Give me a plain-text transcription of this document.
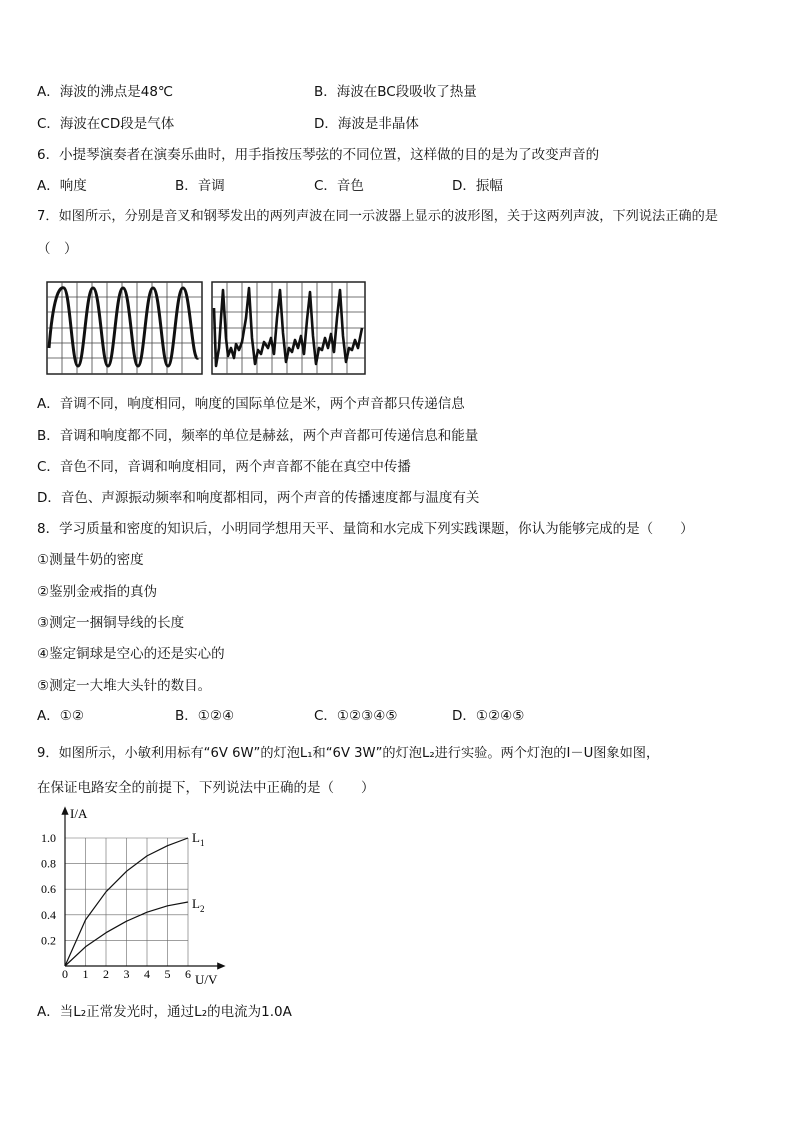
A．海波的沸点是48℃	B．海波在BC段吸收了热量
C．海波在CD段是气体	D．海波是非晶体
6．小提琴演奏者在演奏乐曲时，用手指按压琴弦的不同位置，这样做的目的是为了改变声音的
A．响度	B．音调	C．音色	D．振幅
7．如图所示，分别是音叉和钢琴发出的两列声波在同一示波器上显示的波形图，关于这两列声波，下列说法正确的是
（　）
A．音调不同，响度相同，响度的国际单位是米，两个声音都只传递信息
B．音调和响度都不同，频率的单位是赫兹，两个声音都可传递信息和能量
C．音色不同，音调和响度相同，两个声音都不能在真空中传播
D．音色、声源振动频率和响度都相同，两个声音的传播速度都与温度有关
8．学习质量和密度的知识后，小明同学想用天平、量筒和水完成下列实践课题，你认为能够完成的是（　　）
①测量牛奶的密度
②鉴别金戒指的真伪
③测定一捆铜导线的长度
④鉴定铜球是空心的还是实心的
⑤测定一大堆大头针的数目。
A．①②	B．①②④	C．①②③④⑤	D．①②④⑤
9．如图所示，小敏利用标有“6V 6W”的灯泡L₁和“6V 3W”的灯泡L₂进行实验。两个灯泡的I－U图象如图，
在保证电路安全的前提下，下列说法中正确的是（　　）
I/A
U/V
0 1 2 3 4 5 6
0.2
0.4
0.6
0.8
1.0	$L_1$
$L_2$
A．当L₂正常发光时，通过L₂的电流为1.0A
